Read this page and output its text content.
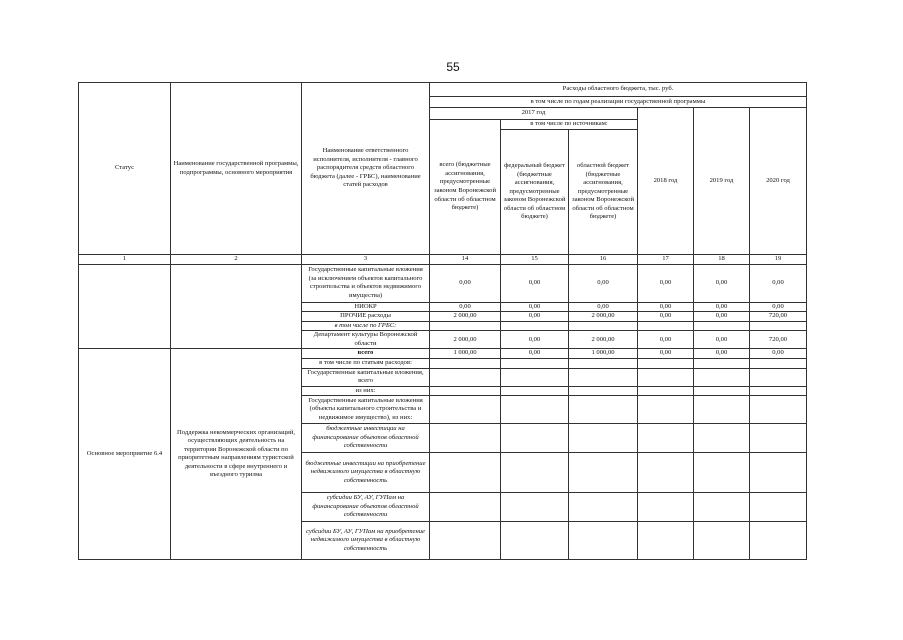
55
Статус	Наименование государственной программы, подпрограммы, основного мероприятия	Наименование ответственного исполнителя, исполнителя - главного распорядителя средств областного бюджета (далее - ГРБС), наименование статей расходов	Расходы областного бюджета, тыс. руб.					
			в том числе по годам реализации государственной программы					
			2017 год			2018 год	2019 год	2020 год
			всего (бюджетные ассигнования, предусмотренные законом Воронежской области об областном бюджете)	в том числе по источникам:				
				федеральный бюджет (бюджетные ассигнования, предусмотренные законом Воронежской области об областном бюджете)	областной бюджет (бюджетные ассигнования, предусмотренные законом Воронежской области об областном бюджете)			
1	2	3	14	15	16	17	18	19
		Государственные капитальные вложения (за исключением объектов капитального строительства и объектов недвижимого имущества)	0,00	0,00	0,00	0,00	0,00	0,00
		НИОКР	0,00	0,00	0,00	0,00	0,00	0,00
		ПРОЧИЕ расходы	2 000,00	0,00	2 000,00	0,00	0,00	720,00
		в том числе по ГРБС:						
		Департамент культуры Воронежской области	2 000,00	0,00	2 000,00	0,00	0,00	720,00
Основное мероприятие 6.4	Поддержка некоммерческих организаций, осуществляющих деятельность на территории Воронежской области по приоритетным направлениям туристской деятельности в сфере внутреннего и въездного туризма	всего	1 000,00	0,00	1 000,00	0,00	0,00	0,00
		в том числе по статьям расходов:						
		Государственные капитальные вложения, всего						
		из них:						
		Государственные капитальные вложения (объекты капитального строительства и недвижимое имущество), из них:						
		бюджетные инвестиции на финансирование объектов областной собственности						
		бюджетные инвестиции на приобретение недвижимого имущества в областную собственность						
		субсидии БУ, АУ, ГУПам на финансирование объектов областной собственности						
		субсидии БУ, АУ, ГУПам на приобретение недвижимого имущества в областную собственность						
